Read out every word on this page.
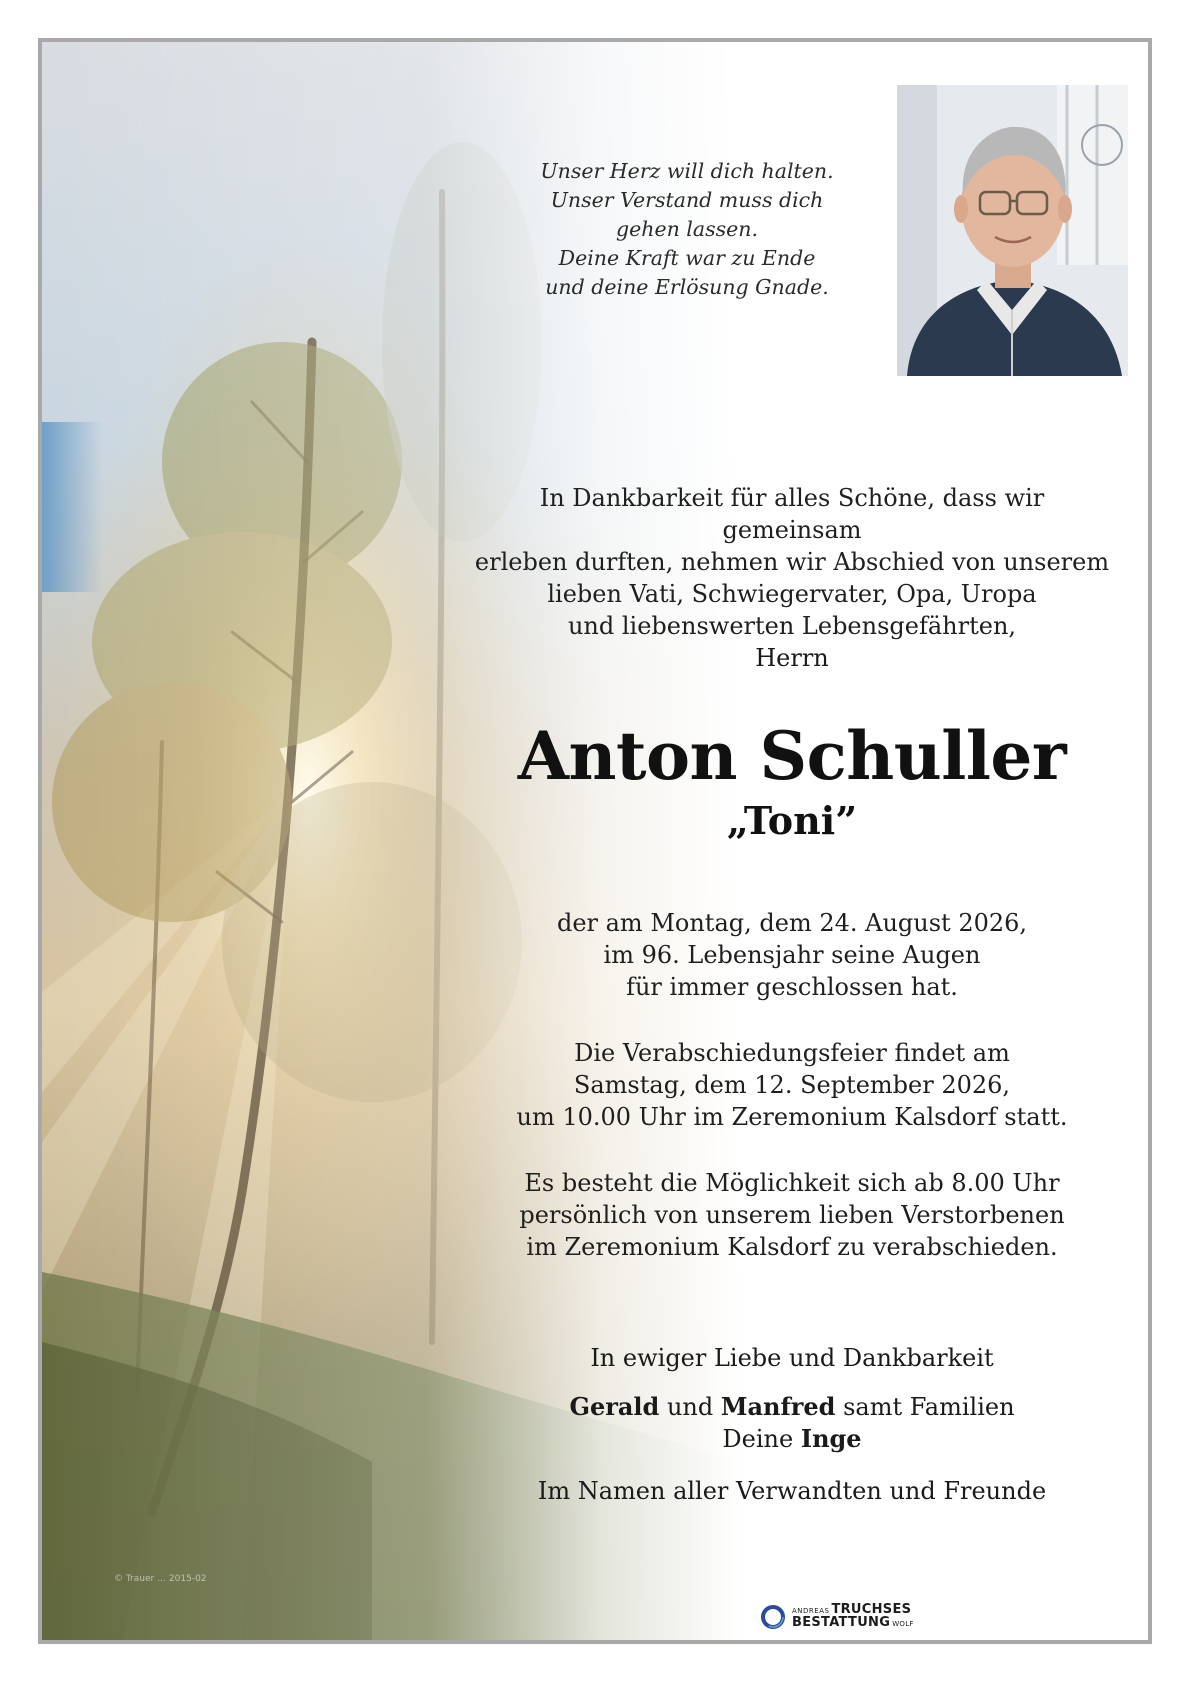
Unser Herz will dich halten.
Unser Verstand muss dich
gehen lassen.
Deine Kraft war zu Ende
und deine Erlösung Gnade.
In Dankbarkeit für alles Schöne, dass wir gemeinsam
erleben durften, nehmen wir Abschied von unserem
lieben Vati, Schwiegervater, Opa, Uropa
und liebenswerten Lebensgefährten,
Herrn
Anton Schuller
„Toni”
der am Montag, dem 24. August 2026,
im 96. Lebensjahr seine Augen
für immer geschlossen hat.
Die Verabschiedungsfeier findet am
Samstag, dem 12. September 2026,
um 10.00 Uhr im Zeremonium Kalsdorf statt.
Es besteht die Möglichkeit sich ab 8.00 Uhr
persönlich von unserem lieben Verstorbenen
im Zeremonium Kalsdorf zu verabschieden.
In ewiger Liebe und Dankbarkeit
Gerald und Manfred samt Familien
Deine Inge
Im Namen aller Verwandten und Freunde
© Trauer … 2015-02
ANDREAS TRUCHSES
BESTATTUNG WOLF
